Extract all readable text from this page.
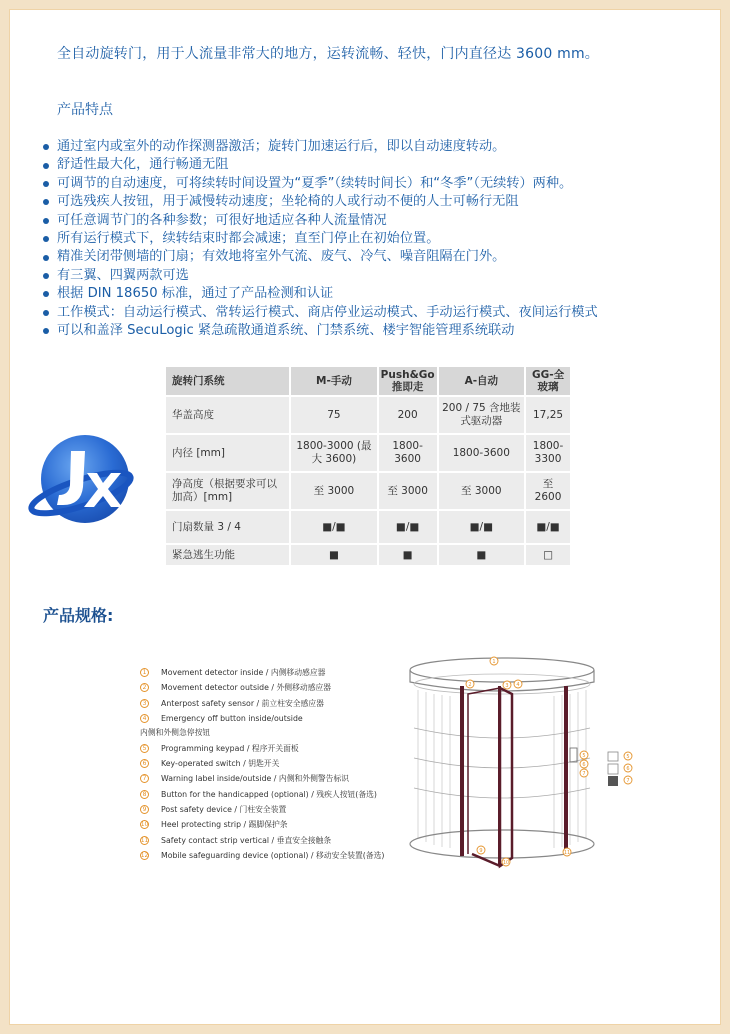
全自动旋转门，用于人流量非常大的地方，运转流畅、轻快，门内直径达 3600 mm。
产品特点
通过室内或室外的动作探测器激活；旋转门加速运行后，即以自动速度转动。
舒适性最大化，通行畅通无阻
可调节的自动速度，可将续转时间设置为“夏季”（续转时间长）和“冬季”（无续转）两种。
可选残疾人按钮，用于减慢转动速度；坐轮椅的人或行动不便的人士可畅行无阻
可任意调节门的各种参数；可很好地适应各种人流量情况
所有运行模式下，续转结束时都会减速；直至门停止在初始位置。
精准关闭带侧墙的门扇；有效地将室外气流、废气、冷气、噪音阻隔在门外。
有三翼、四翼两款可选
根据 DIN 18650 标准，通过了产品检测和认证
工作模式：自动运行模式、常转运行模式、商店停业运动模式、手动运行模式、夜间运行模式
可以和盖泽 SecuLogic 紧急疏散通道系统、门禁系统、楼宇智能管理系统联动
旋转门系统	M-手动	Push&Go 推即走	A-自动	GG-全 玻璃
华盖高度	75	200	200 / 75 含地装 式驱动器	17,25
内径 [mm]	1800-3000 (最 大 3600)	1800- 3600	1800-3600	1800- 3300
净高度（根据要求可以 加高）[mm]	至 3000	至 3000	至 3000	至 2600
门扇数量 3 / 4	■/■	■/■	■/■	■/■
紧急逃生功能	■	■	■	□
产品规格:
1	Movement detector inside / 内侧移动感应器
2	Movement detector outside / 外侧移动感应器
3	Anterpost safety sensor / 前立柱安全感应器
4	Emergency off button inside/outside
内侧和外侧急停按钮
5	Programming keypad / 程序开关面板
6	Key-operated switch / 钥匙开关
7	Warning label inside/outside / 内侧和外侧警告标识
8	Button for the handicapped (optional) / 残疾人按钮(备选)
9	Post safety device / 门柱安全装置
10 Heel protecting strip / 踢脚保护条
11 Safety contact strip vertical / 垂直安全接触条
12 Mobile safeguarding device (optional) / 移动安全装置(备选)
1
2	3 4
5
6
7
9
10
11
5
7
6
